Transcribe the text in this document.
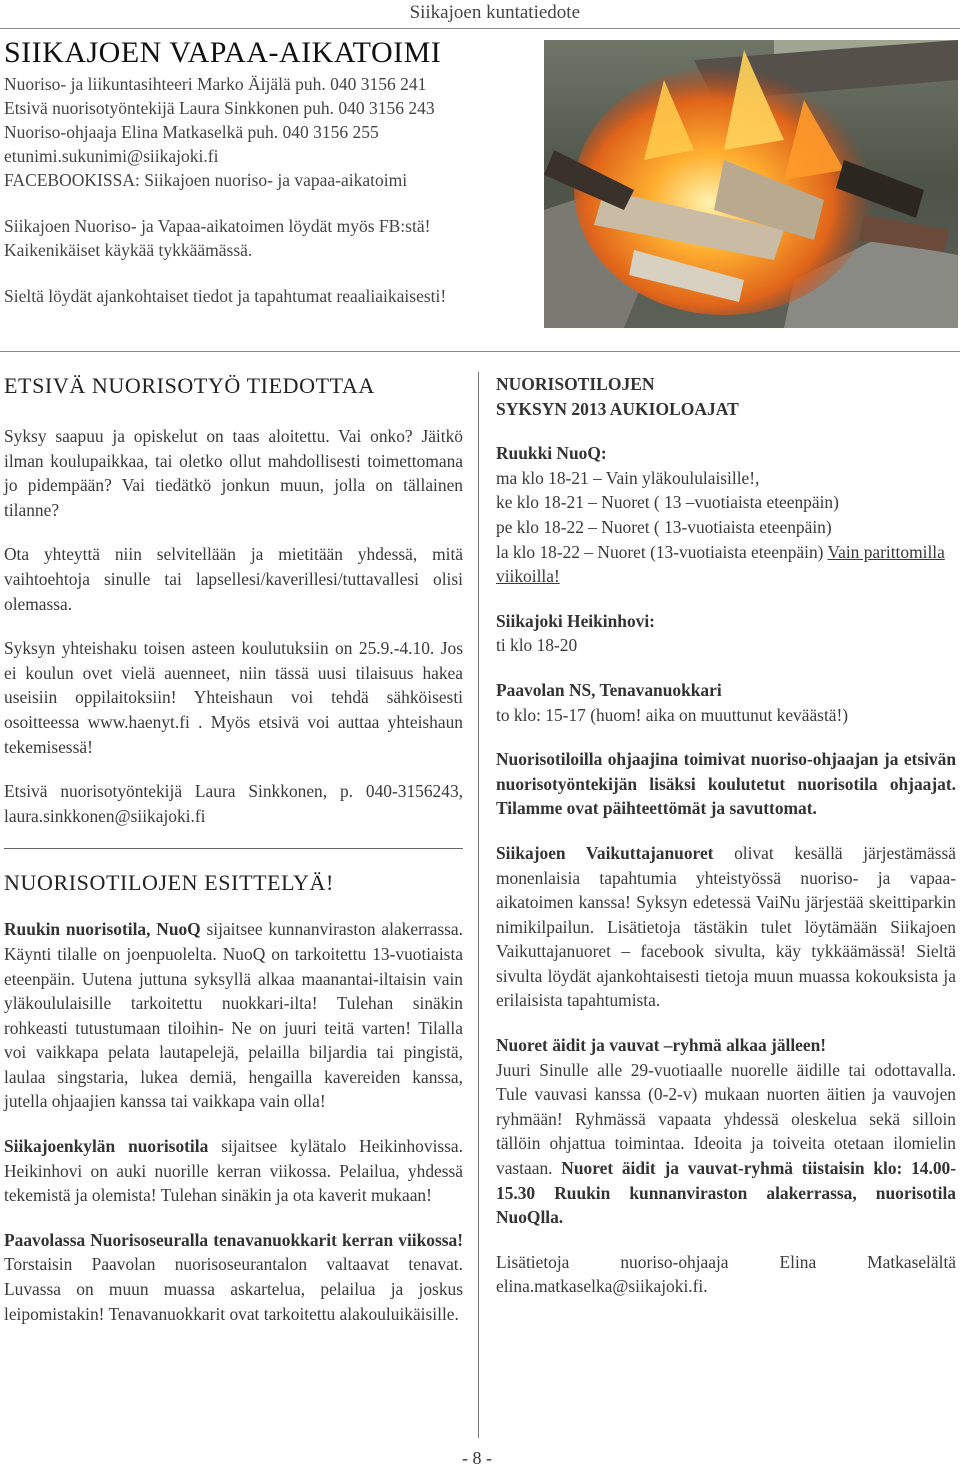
Siikajoen kuntatiedote
SIIKAJOEN VAPAA-AIKATOIMI
Nuoriso- ja liikuntasihteeri Marko Äijälä puh. 040 3156 241
Etsivä nuorisotyöntekijä Laura Sinkkonen puh. 040 3156 243
Nuoriso-ohjaaja Elina Matkaselkä puh. 040 3156 255
etunimi.sukunimi@siikajoki.fi
FACEBOOKISSA: Siikajoen nuoriso- ja vapaa-aikatoimi

Siikajoen Nuoriso- ja Vapaa-aikatoimen löydät myös FB:stä!
Kaikenikäiset käykää tykkäämässä.

Sieltä löydät ajankohtaiset tiedot ja tapahtumat reaaliaikaisesti!

ETSIVÄ NUORISOTYÖ TIEDOTTAA

Syksy saapuu ja opiskelut on taas aloitettu. Vai onko? Jäitkö ilman koulupaikkaa, tai oletko ollut mahdollisesti toimettomana jo pidempään? Vai tiedätkö jonkun muun, jolla on tällainen tilanne?

Ota yhteyttä niin selvitellään ja mietitään yhdessä, mitä vaihtoehtoja sinulle tai lapsellesi/kaverillesi/tuttavallesi olisi olemassa.

Syksyn yhteishaku toisen asteen koulutuksiin on 25.9.-4.10. Jos ei koulun ovet vielä auenneet, niin tässä uusi tilaisuus hakea useisiin oppilaitoksiin! Yhteishaun voi tehdä sähköisesti osoitteessa www.haenyt.fi . Myös etsivä voi auttaa yhteishaun tekemisessä!

Etsivä nuorisotyöntekijä Laura Sinkkonen, p. 040-3156243, laura.sinkkonen@siikajoki.fi

NUORISOTILOJEN ESITTELYÄ!

Ruukin nuorisotila, NuoQ sijaitsee kunnanviraston alakerrassa. Käynti tilalle on joenpuolelta. NuoQ on tarkoitettu 13-vuotiaista eteenpäin. Uutena juttuna syksyllä alkaa maanantai-iltaisin vain yläkoululaisille tarkoitettu nuokkari-ilta! Tulehan sinäkin rohkeasti tutustumaan tiloihin- Ne on juuri teitä varten! Tilalla voi vaikkapa pelata lautapelejä, pelailla biljardia tai pingistä, laulaa singstaria, lukea demiä, hengailla kavereiden kanssa, jutella ohjaajien kanssa tai vaikkapa vain olla!

Siikajoenkylän nuorisotila sijaitsee kylätalo Heikinhovissa. Heikinhovi on auki nuorille kerran viikossa. Pelailua, yhdessä tekemistä ja olemista! Tulehan sinäkin ja ota kaverit mukaan!

Paavolassa Nuorisoseuralla tenavanuokkarit kerran viikossa! Torstaisin Paavolan nuorisoseurantalon valtaavat tenavat. Luvassa on muun muassa askartelua, pelailua ja joskus leipomistakin! Tenavanuokkarit ovat tarkoitettu alakouluikäisille.

NUORISOTILOJEN
SYKSYN 2013 AUKIOLOAJAT

Ruukki NuoQ:
ma klo 18-21 – Vain yläkoululaisille!,
ke klo 18-21 – Nuoret ( 13 –vuotiaista eteenpäin)
pe klo 18-22 – Nuoret ( 13-vuotiaista eteenpäin)
la klo 18-22 – Nuoret (13-vuotiaista eteenpäin) Vain parittomilla viikoilla!

Siikajoki Heikinhovi:
ti klo 18-20

Paavolan NS, Tenavanuokkari
to klo: 15-17 (huom! aika on muuttunut keväästä!)

Nuorisotiloilla ohjaajina toimivat nuoriso-ohjaajan ja etsivän nuorisotyöntekijän lisäksi koulutetut nuorisotila ohjaajat. Tilamme ovat päihteettömät ja savuttomat.

Siikajoen Vaikuttajanuoret olivat kesällä järjestämässä monenlaisia tapahtumia yhteistyössä nuoriso- ja vapaa-aikatoimen kanssa! Syksyn edetessä VaiNu järjestää skeittiparkin nimikilpailun. Lisätietoja tästäkin tulet löytämään Siikajoen Vaikuttajanuoret – facebook sivulta, käy tykkäämässä! Sieltä sivulta löydät ajankohtaisesti tietoja muun muassa kokouksista ja erilaisista tapahtumista.

Nuoret äidit ja vauvat –ryhmä alkaa jälleen!
Juuri Sinulle alle 29-vuotiaalle nuorelle äidille tai odottavalla. Tule vauvasi kanssa (0-2-v) mukaan nuorten äitien ja vauvojen ryhmään! Ryhmässä vapaata yhdessä oleskelua sekä silloin tällöin ohjattua toimintaa. Ideoita ja toiveita otetaan ilomielin vastaan. Nuoret äidit ja vauvat-ryhmä tiistaisin klo: 14.00-15.30 Ruukin kunnanviraston alakerrassa, nuorisotila NuoQlla.

Lisätietoja nuoriso-ohjaaja Elina Matkaselältä elina.matkaselka@siikajoki.fi.

- 8 -
